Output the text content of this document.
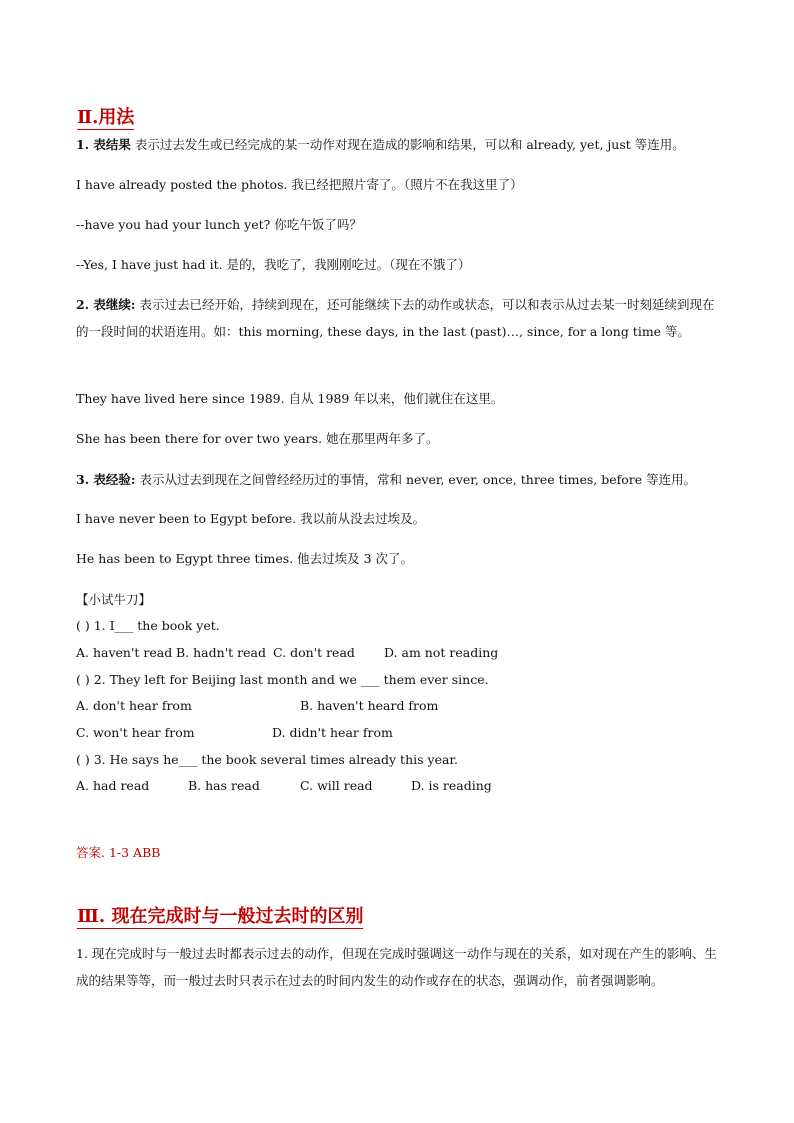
Ⅱ.用法
1. 表结果 表示过去发生或已经完成的某一动作对现在造成的影响和结果，可以和 already, yet, just 等连用。
I have already posted the photos. 我已经把照片寄了。（照片不在我这里了）
--have you had your lunch yet? 你吃午饭了吗？
--Yes, I have just had it. 是的，我吃了，我刚刚吃过。（现在不饿了）
2. 表继续: 表示过去已经开始，持续到现在，还可能继续下去的动作或状态，可以和表示从过去某一时刻延续到现在的一段时间的状语连用。如：this morning, these days, in the last (past)…, since, for a long time 等。
They have lived here since 1989. 自从 1989 年以来，他们就住在这里。
She has been there for over two years. 她在那里两年多了。
3. 表经验: 表示从过去到现在之间曾经经历过的事情，常和 never, ever, once, three times, before 等连用。
I have never been to Egypt before. 我以前从没去过埃及。
He has been to Egypt three times. 他去过埃及 3 次了。
【小试牛刀】
( ) 1. I___ the book yet.
A. haven't read B. hadn't read C. don't read D. am not reading
( ) 2. They left for Beijing last month and we ___ them ever since.
A. don't hear from	B. haven't heard from
C. won't hear from	D. didn't hear from
( ) 3. He says he___ the book several times already this year.
A. had read	B. has read	C. will read	D. is reading
答案. 1-3 ABB
Ⅲ. 现在完成时与一般过去时的区别
1. 现在完成时与一般过去时都表示过去的动作，但现在完成时强调这一动作与现在的关系，如对现在产生的影响、生成的结果等等，而一般过去时只表示在过去的时间内发生的动作或存在的状态，强调动作，前者强调影响。
